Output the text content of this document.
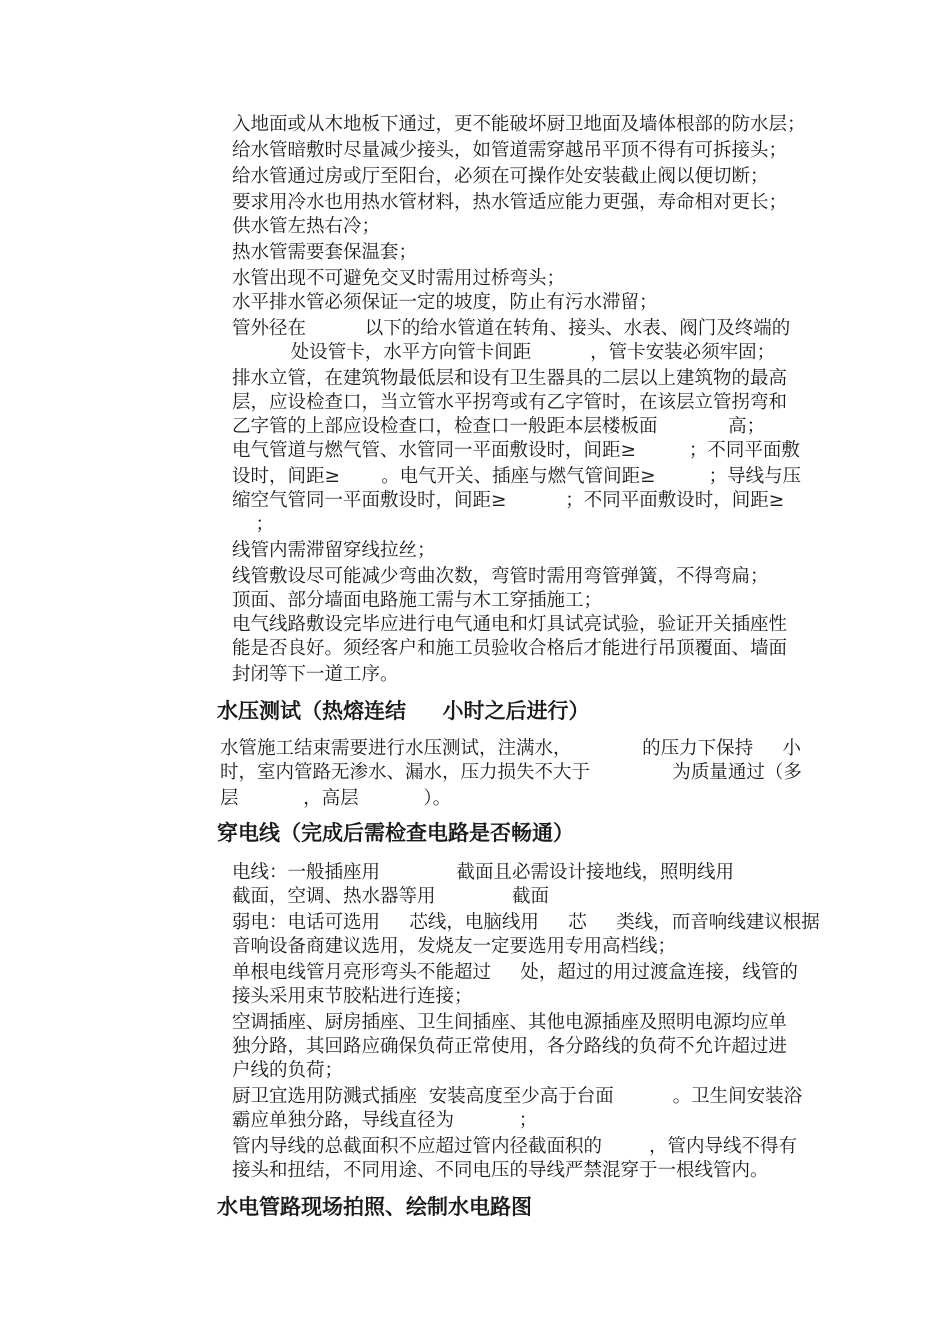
入地面或从木地板下通过，更不能破坏厨卫地面及墙体根部的防水层；

给水管暗敷时尽量减少接头，如管道需穿越吊平顶不得有可拆接头；

给水管通过房或厅至阳台，必须在可操作处安装截止阀以便切断；

要求用冷水也用热水管材料，热水管适应能力更强，寿命相对更长；

供水管左热右冷；

热水管需要套保温套；

水管出现不可避免交叉时需用过桥弯头；

水平排水管必须保证一定的坡度，防止有污水滞留；

管外径在          以下的给水管道在转角、接头、水表、阀门及终端的

处设管卡，水平方向管卡间距          ，管卡安装必须牢固；

排水立管，在建筑物最低层和设有卫生器具的二层以上建筑物的最高

层，应设检查口，当立管水平拐弯或有乙字管时，在该层立管拐弯和

乙字管的上部应设检查口，检查口一般距本层楼板面            高；

电气管道与燃气管、水管同一平面敷设时，间距≥         ；不同平面敷

设时，间距≥       。电气开关、插座与燃气管间距≥         ；导线与压

缩空气管同一平面敷设时，间距≥          ；不同平面敷设时，间距≥

；

线管内需滞留穿线拉丝；

线管敷设尽可能减少弯曲次数，弯管时需用弯管弹簧，不得弯扁；

顶面、部分墙面电路施工需与木工穿插施工；

电气线路敷设完毕应进行电气通电和灯具试亮试验，验证开关插座性

能是否良好。须经客户和施工员验收合格后才能进行吊顶覆面、墙面

封闭等下一道工序。

水压测试（热熔连结     小时之后进行）

水管施工结束需要进行水压测试，注满水，            的压力下保持     小

时，室内管路无渗水、漏水，压力损失不大于              为质量通过（多

层           ，高层           ）。

穿电线（完成后需检查电路是否畅通）

电线：一般插座用             截面且必需设计接地线，照明线用

截面，空调、热水器等用             截面

弱电：电话可选用     芯线，电脑线用     芯     类线，而音响线建议根据

音响设备商建议选用，发烧友一定要选用专用高档线；

单根电线管月亮形弯头不能超过     处，超过的用过渡盒连接，线管的

接头采用束节胶粘进行连接；

空调插座、厨房插座、卫生间插座、其他电源插座及照明电源均应单

独分路，其回路应确保负荷正常使用，各分路线的负荷不允许超过进

户线的负荷；

厨卫宜选用防溅式插座  安装高度至少高于台面          。卫生间安装浴

霸应单独分路，导线直径为           ；

管内导线的总截面积不应超过管内径截面积的        ，管内导线不得有

接头和扭结，不同用途、不同电压的导线严禁混穿于一根线管内。

水电管路现场拍照、绘制水电路图
